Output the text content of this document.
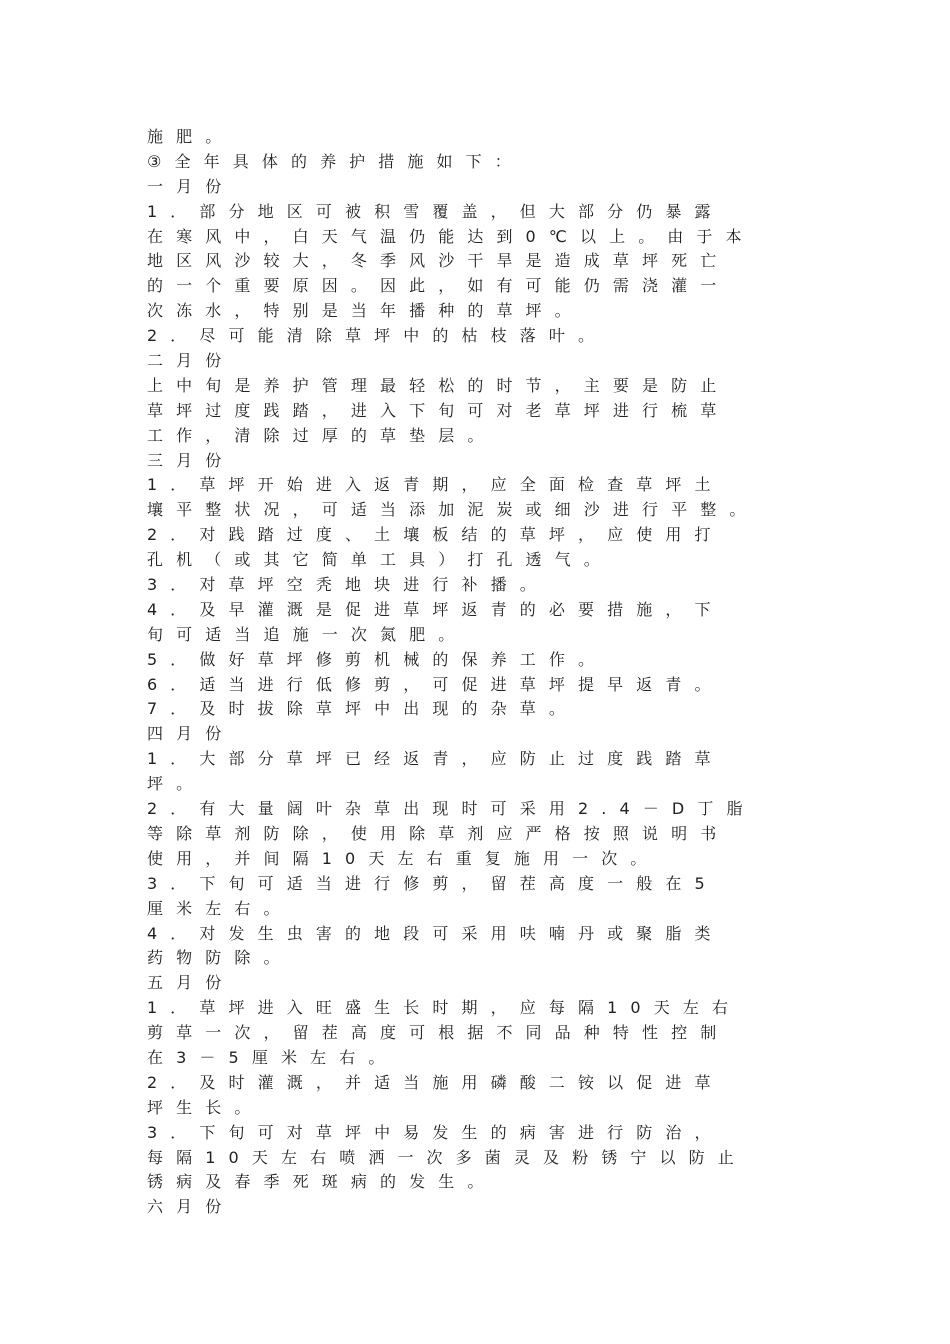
施肥。
③全年具体的养护措施如下：
一月份
1．部分地区可被积雪覆盖，但大部分仍暴露
在寒风中，白天气温仍能达到0℃以上。由于本
地区风沙较大，冬季风沙干旱是造成草坪死亡
的一个重要原因。因此，如有可能仍需浇灌一
次冻水，特别是当年播种的草坪。
2．尽可能清除草坪中的枯枝落叶。
二月份
上中旬是养护管理最轻松的时节，主要是防止
草坪过度践踏，进入下旬可对老草坪进行梳草
工作，清除过厚的草垫层。
三月份
1．草坪开始进入返青期，应全面检查草坪土
壤平整状况，可适当添加泥炭或细沙进行平整。
2．对践踏过度、土壤板结的草坪，应使用打
孔机（或其它简单工具）打孔透气。
3．对草坪空秃地块进行补播。
4．及早灌溉是促进草坪返青的必要措施，下
旬可适当追施一次氮肥。
5．做好草坪修剪机械的保养工作。
6．适当进行低修剪，可促进草坪提早返青。
7．及时拔除草坪中出现的杂草。
四月份
1．大部分草坪已经返青，应防止过度践踏草
坪。
2．有大量阔叶杂草出现时可采用2.4－D丁脂
等除草剂防除，使用除草剂应严格按照说明书
使用，并间隔10天左右重复施用一次。
3．下旬可适当进行修剪，留茬高度一般在5
厘米左右。
4．对发生虫害的地段可采用呋喃丹或聚脂类
药物防除。
五月份
1．草坪进入旺盛生长时期，应每隔10天左右
剪草一次，留茬高度可根据不同品种特性控制
在3－5厘米左右。
2．及时灌溉，并适当施用磷酸二铵以促进草
坪生长。
3．下旬可对草坪中易发生的病害进行防治，
每隔10天左右喷洒一次多菌灵及粉锈宁以防止
锈病及春季死斑病的发生。
六月份
